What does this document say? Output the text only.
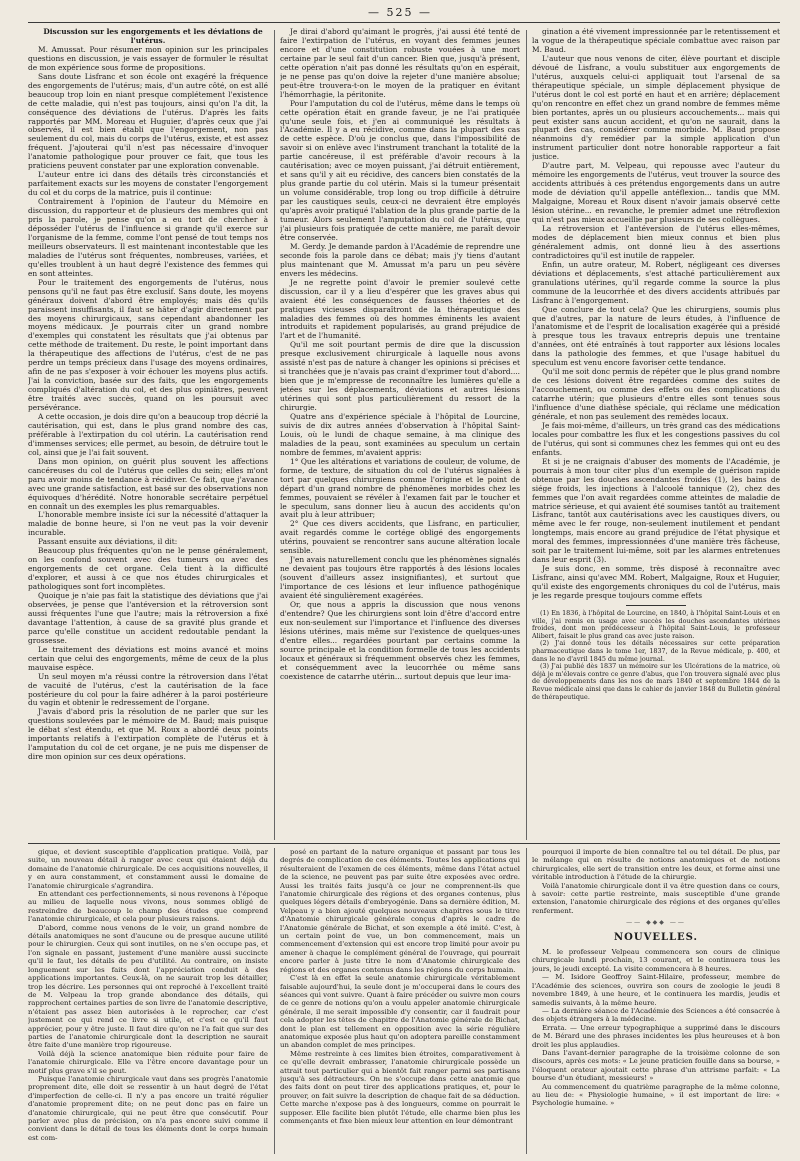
— 525 —

Discussion sur les engorgements et les déviations de l'utérus.

M. Amussat. Pour résumer mon opinion sur les principales questions en discussion, je vais essayer de formuler le résultat de mon expérience sous forme de propositions.

Sans doute Lisfranc et son école ont exagéré la fréquence des engorgements de l'utérus; mais, d'un autre côté, on est allé beaucoup trop loin en niant presque complétement l'existence de cette maladie, qui n'est pas toujours, ainsi qu'on l'a dit, la conséquence des déviations de l'utérus. D'après les faits rapportés par MM. Moreau et Huguier, d'après ceux que j'ai observés, il est bien établi que l'engorgement, non pas seulement du col, mais du corps de l'utérus, existe, et est assez fréquent. J'ajouterai qu'il n'est pas nécessaire d'invoquer l'anatomie pathologique pour prouver ce fait, que tous les praticiens peuvent constater par une exploration convenable.

L'auteur entre ici dans des détails très circonstanciés et parfaitement exacts sur les moyens de constater l'engorgement du col et du corps de la matrice, puis il continue:

Contrairement à l'opinion de l'auteur du Mémoire en discussion, du rapporteur et de plusieurs des membres qui ont pris la parole, je pense qu'on a eu tort de chercher à déposséder l'utérus de l'influence si grande qu'il exerce sur l'organisme de la femme, comme l'ont pensé de tout temps nos meilleurs observateurs. Il est maintenant incontestable que les maladies de l'utérus sont fréquentes, nombreuses, variées, et qu'elles troublent à un haut degré l'existence des femmes qui en sont atteintes.

Pour le traitement des engorgements de l'utérus, nous pensons qu'il ne faut pas être exclusif. Sans doute, les moyens généraux doivent d'abord être employés; mais dès qu'ils paraissent insuffisants, il faut se hâter d'agir directement par des moyens chirurgicaux, sans cependant abandonner les moyens médicaux. Je pourrais citer un grand nombre d'exemples qui constatent les résultats que j'ai obtenus par cette méthode de traitement. Du reste, le point important dans la thérapeutique des affections de l'utérus, c'est de ne pas perdre un temps précieux dans l'usage des moyens ordinaires, afin de ne pas s'exposer à voir échouer les moyens plus actifs. J'ai la conviction, basée sur des faits, que les engorgements compliqués d'altération du col, et des plus opiniâtres, peuvent être traités avec succès, quand on les poursuit avec persévérance.

A cette occasion, je dois dire qu'on a beaucoup trop décrié la cautérisation, qui est, dans le plus grand nombre des cas, préférable à l'extirpation du col utérin. La cautérisation rend d'immenses services; elle permet, au besoin, de détruire tout le col, ainsi que je l'ai fait souvent.

Dans mon opinion, on guérit plus souvent les affections cancéreuses du col de l'utérus que celles du sein; elles m'ont paru avoir moins de tendance à récidiver. Ce fait, que j'avance avec une grande satisfaction, est basé sur des observations non équivoques d'hérédité. Notre honorable secrétaire perpétuel en connaît un des exemples les plus remarquables.

L'honorable membre insiste ici sur la nécessité d'attaquer la maladie de bonne heure, si l'on ne veut pas la voir devenir incurable.

Passant ensuite aux déviations, il dit:

Beaucoup plus fréquentes qu'on ne le pense généralement, on les confond souvent avec des tumeurs ou avec des engorgements de cet organe. Cela tient à la difficulté d'explorer, et aussi à ce que nos études chirurgicales et pathologiques sont fort incomplètes.

Quoique je n'aie pas fait la statistique des déviations que j'ai observées, je pense que l'antéversion et la rétroversion sont aussi fréquentes l'une que l'autre; mais la rétroversion a fixé davantage l'attention, à cause de sa gravité plus grande et parce qu'elle constitue un accident redoutable pendant la grossesse.

Le traitement des déviations est moins avancé et moins certain que celui des engorgements, même de ceux de la plus mauvaise espèce.

Un seul moyen m'a réussi contre la rétroversion dans l'état de vacuité de l'utérus, c'est la cautérisation de la face postérieure du col pour la faire adhérer à la paroi postérieure du vagin et obtenir le redressement de l'organe.

J'avais d'abord pris la résolution de ne parler que sur les questions soulevées par le mémoire de M. Baud; mais puisque le débat s'est étendu, et que M. Roux a abordé deux points importants relatifs à l'extirpation complète de l'utérus et à l'amputation du col de cet organe, je ne puis me dispenser de dire mon opinion sur ces deux opérations.

Je dirai d'abord qu'aimant le progrès, j'ai aussi été tenté de faire l'extirpation de l'utérus, en voyant des femmes jeunes encore et d'une constitution robuste vouées à une mort certaine par le seul fait d'un cancer. Bien que, jusqu'à présent, cette opération n'ait pas donné les résultats qu'on en espérait, je ne pense pas qu'on doive la rejeter d'une manière absolue; peut-être trouvera-t-on le moyen de la pratiquer en évitant l'hémorrhagie, la péritonite.

Pour l'amputation du col de l'utérus, même dans le temps où cette opération était en grande faveur, je ne l'ai pratiquée qu'une seule fois, et j'en ai communiqué les résultats à l'Académie. Il y a eu récidive, comme dans la plupart des cas de cette espèce. D'où je conclus que, dans l'impossibilité de savoir si on enlève avec l'instrument tranchant la totalité de la partie cancéreuse, il est préférable d'avoir recours à la cautérisation; avec ce moyen puissant, j'ai détruit entièrement, et sans qu'il y ait eu récidive, des cancers bien constatés de la plus grande partie du col utérin. Mais si la tumeur présentait un volume considérable, trop long ou trop difficile à détruire par les caustiques seuls, ceux-ci ne devraient être employés qu'après avoir pratiqué l'ablation de la plus grande partie de la tumeur. Alors seulement l'amputation du col de l'utérus, que j'ai plusieurs fois pratiquée de cette manière, me paraît devoir être conservée.

M. Gerdy. Je demande pardon à l'Académie de reprendre une seconde fois la parole dans ce débat; mais j'y tiens d'autant plus maintenant que M. Amussat m'a paru un peu sévère envers les médecins.

Je ne regrette point d'avoir le premier soulevé cette discussion, car il y a lieu d'espérer que les graves abus qui avaient été les conséquences de fausses théories et de pratiques vicieuses disparaîtront de la thérapeutique des maladies des femmes où des hommes éminents les avaient introduits et rapidement popularisés, au grand préjudice de l'art et de l'humanité.

Qu'il me soit pourtant permis de dire que la discussion presque exclusivement chirurgicale à laquelle nous avons assisté n'est pas de nature à changer les opinions si précises et si tranchées que je n'avais pas craint d'exprimer tout d'abord.... bien que je m'empresse de reconnaître les lumières qu'elle a jetées sur les déplacements, déviations et autres lésions utérines qui sont plus particulièrement du ressort de la chirurgie.

Quatre ans d'expérience spéciale à l'hôpital de Lourcine, suivis de dix autres années d'observation à l'hôpital Saint-Louis, où le lundi de chaque semaine, à ma clinique des maladies de la peau, sont examinées au speculum un certain nombre de femmes, m'avaient appris:

1° Que les altérations et variations de couleur, de volume, de forme, de texture, de situation du col de l'utérus signalées à tort par quelques chirurgiens comme l'origine et le point de départ d'un grand nombre de phénomènes morbides chez les femmes, pouvaient se révéler à l'examen fait par le toucher et le speculum, sans donner lieu à aucun des accidents qu'on avait plu à leur attribuer;

2° Que ces divers accidents, que Lisfranc, en particulier, avait regardés comme le cortége obligé des engorgements utérins, pouvaient se rencontrer sans aucune altération locale sensible.

J'en avais naturellement conclu que les phénomènes signalés ne devaient pas toujours être rapportés à des lésions locales (souvent d'ailleurs assez insignifiantes), et surtout que l'importance de ces lésions et leur influence pathogénique avaient été singulièrement exagérées.

Or, que nous a appris la discussion que nous venons d'entendre? Que les chirurgiens sont loin d'être d'accord entre eux non-seulement sur l'importance et l'influence des diverses lésions utérines, mais même sur l'existence de quelques-unes d'entre elles... regardées pourtant par certains comme la source principale et la condition formelle de tous les accidents locaux et généraux si fréquemment observés chez les femmes, et conséquemment avec la leucorrhée ou même sans coexistence de catarrhe utérin... surtout depuis que leur ima-

gination a été vivement impressionnée par le retentissement et la vogue de la thérapeutique spéciale combattue avec raison par M. Baud.

L'auteur que nous venons de citer, élève pourtant et disciple dévoué de Lisfranc, a voulu substituer aux engorgements de l'utérus, auxquels celui-ci appliquait tout l'arsenal de sa thérapeutique spéciale, un simple déplacement physique de l'utérus dont le col est porté en haut et en arrière; déplacement qu'on rencontre en effet chez un grand nombre de femmes même bien portantes, après un ou plusieurs accouchements... mais qui peut exister sans aucun accident, et qu'on ne saurait, dans la plupart des cas, considérer comme morbide. M. Baud propose néanmoins d'y remédier par la simple application d'un instrument particulier dont notre honorable rapporteur a fait justice.

D'autre part, M. Velpeau, qui repousse avec l'auteur du mémoire les engorgements de l'utérus, veut trouver la source des accidents attribués à ces prétendus engorgements dans un autre mode de déviation qu'il appelle antéflexion... tandis que MM. Malgaigne, Moreau et Roux disent n'avoir jamais observé cette lésion utérine... en revanche, le premier admet une rétroflexion qui n'est pas mieux accueillie par plusieurs de ses collègues.

La rétroversion et l'antéversion de l'utérus elles-mêmes, modes de déplacement bien mieux connus et bien plus généralement admis, ont donné lieu à des assertions contradictoires qu'il est inutile de rappeler.

Enfin, un autre orateur, M. Robert, négligeant ces diverses déviations et déplacements, s'est attaché particulièrement aux granulations utérines, qu'il regarde comme la source la plus commune de la leucorrhée et des divers accidents attribués par Lisfranc à l'engorgement.

Que conclure de tout cela? Que les chirurgiens, soumis plus que d'autres, par la nature de leurs études, à l'influence de l'anatomisme et de l'esprit de localisation exagérée qui a présidé à presque tous les travaux entrepris depuis une trentaine d'années, ont été entraînés à tout rapporter aux lésions locales dans la pathologie des femmes, et que l'usage habituel du speculum est venu encore favoriser cette tendance.

Qu'il me soit donc permis de répéter que le plus grand nombre de ces lésions doivent être regardées comme des suites de l'accouchement, ou comme des effets ou des complications du catarrhe utérin; que plusieurs d'entre elles sont tenues sous l'influence d'une diathèse spéciale, qui réclame une médication générale, et non pas seulement des remèdes locaux.

Je fais moi-même, d'ailleurs, un très grand cas des médications locales pour combattre les flux et les congestions passives du col de l'utérus, qui sont si communes chez les femmes qui ont eu des enfants.

Et si je ne craignais d'abuser des moments de l'Académie, je pourrais à mon tour citer plus d'un exemple de guérison rapide obtenue par les douches ascendantes froides (1), les bains de siége froids, les injections à l'alcoolé tannique (2), chez des femmes que l'on avait regardées comme atteintes de maladie de matrice sérieuse, et qui avaient été soumises tantôt au traitement Lisfranc, tantôt aux cautérisations avec les caustiques divers, ou même avec le fer rouge, non-seulement inutilement et pendant longtemps, mais encore au grand préjudice de l'état physique et moral des femmes, impressionnées d'une manière très fâcheuse, soit par le traitement lui-même, soit par les alarmes entretenues dans leur esprit (3).

Je suis donc, en somme, très disposé à reconnaître avec Lisfranc, ainsi qu'avec MM. Robert, Malgaigne, Roux et Huguier, qu'il existe des engorgements chroniques du col de l'utérus, mais je les regarde presque toujours comme effets

(1) En 1836, à l'hôpital de Lourcine, en 1840, à l'hôpital Saint-Louis et en ville, j'ai remis en usage avec succès les douches ascendantes utérines froides, dont mon prédécesseur à l'hôpital Saint-Louis, le professeur Alibert, faisait le plus grand cas avec juste raison.

(2) J'ai donné tous les détails nécessaires sur cette préparation pharmaceutique dans le tome 1er, 1837, de la Revue médicale, p. 400, et dans le no d'avril 1845 du même journal.

(3) J'ai publié dès 1837 un mémoire sur les Ulcérations de la matrice, où déjà je m'élevais contre ce genre d'abus, que l'on trouvera signalé avec plus de développements dans les nos de mars 1840 et septembre 1844 de la Revue médicale ainsi que dans le cahier de janvier 1848 du Bulletin général de thérapeutique.

gique, et devient susceptible d'application pratique. Voilà, par suite, un nouveau détail à ranger avec ceux qui étaient déjà du domaine de l'anatomie chirurgicale. De ces acquisitions nouvelles, il y en aura constamment, et constamment aussi le domaine de l'anatomie chirurgicale s'agrandira.

En attendant ces perfectionnements, si nous revenons à l'époque au milieu de laquelle nous vivons, nous sommes obligé de restreindre de beaucoup le champ des études que comprend l'anatomie chirurgicale, et cela pour plusieurs raisons.

D'abord, comme nous venons de le voir, un grand nombre de détails anatomiques ne sont d'aucune ou de presque aucune utilité pour le chirurgien. Ceux qui sont inutiles, on ne s'en occupe pas, et l'on signale en passant, justement d'une manière aussi succincte qu'il le faut, les détails de peu d'utilité. Au contraire, on insiste longuement sur les faits dont l'appréciation conduit à des applications importantes. Ceux-là, on ne saurait trop les détailler, trop les décrire. Les personnes qui ont reproché à l'excellent traité de M. Velpeau la trop grande abondance des détails, qui rapprochent certaines parties de son livre de l'anatomie descriptive, n'étaient pas assez bien autorisées à le reprocher, car c'est justement ce qui rend ce livre si utile, et c'est ce qu'il faut apprécier, pour y être juste. Il faut dire qu'on ne l'a fait que sur des parties de l'anatomie chirurgicale dont la description ne saurait être faite d'une manière trop rigoureuse.

Voilà déjà la science anatomique bien réduite pour faire de l'anatomie chirurgicale. Elle va l'être encore davantage pour un motif plus grave s'il se peut.

Puisque l'anatomie chirurgicale vaut dans ses progrès l'anatomie proprement dite, elle doit se ressentir à un haut degré de l'état d'imperfection de celle-ci. Il n'y a pas encore un traité régulier d'anatomie proprement dite; on ne peut donc pas en faire un d'anatomie chirurgicale, qui ne peut être que consécutif. Pour parler avec plus de précision, on n'a pas encore suivi comme il convient dans le détail de tous les éléments dont le corps humain est com-

posé en partant de la nature organique et passant par tous les degrés de complication de ces éléments. Toutes les applications qui résulteraient de l'examen de ces éléments, même dans l'état actuel de la science, ne peuvent pas par suite être exposées avec ordre. Aussi les traités faits jusqu'à ce jour ne comprennent-ils que l'anatomie chirurgicale des régions et des organes contenus, plus quelques légers détails d'embryogénie. Dans sa dernière édition, M. Velpeau y a bien ajouté quelques nouveaux chapitres sous le titre d'Anatomie chirurgicale générale conçus d'après le cadre de l'Anatomie générale de Bichat, et son exemple a été imité. C'est, à un certain point de vue, un bon commencement, mais un commencement d'extension qui est encore trop limité pour avoir pu amener à chaque le complément général de l'ouvrage, qui pourrait encore parler à juste titre le nom d'Anatomie chirurgicale des régions et des organes contenus dans les régions du corps humain.

C'est là en effet la seule anatomie chirurgicale véritablement faisable aujourd'hui, la seule dont je m'occuperai dans le cours des séances qui vont suivre. Quant à faire précéder ou suivre mon cours de ce genre de notions qu'on a voulu appeler anatomie chirurgicale générale, il me serait impossible d'y consentir, car il faudrait pour cela adopter les têtes de chapitre de l'Anatomie générale de Bichat, dont le plan est tellement en opposition avec la série régulière anatomique exposée plus haut qu'on adoptera pareille constamment un abandon complet de mes principes.

Même restreinte à ces limites bien étroites, comparativement à ce qu'elle devrait embrasser, l'anatomie chirurgicale possède un attrait tout particulier qui a bientôt fait ranger parmi ses partisans jusqu'à ses détracteurs. On ne s'occupe dans cette anatomie que des faits dont on peut tirer des applications pratiques, et, pour le prouver, on fait suivre la description de chaque fait de sa déduction. Cette marche n'expose pas à des longueurs, comme on pourrait le supposer. Elle facilite bien plutôt l'étude, elle charme bien plus les commençants et fixe bien mieux leur attention en leur démontrant

pourquoi il importe de bien connaître tel ou tel détail. De plus, par le mélange qui en résulte de notions anatomiques et de notions chirurgicales, elle sert de transition entre les deux, et forme ainsi une véritable introduction à l'étude de la chirurgie.

Voilà l'anatomie chirurgicale dont il va être question dans ce cours, à savoir: cette partie restreinte, mais susceptible d'une grande extension, l'anatomie chirurgicale des régions et des organes qu'elles renferment.

—— ◆◆◆ ——
NOUVELLES.

M. le professeur Velpeau commencera son cours de clinique chirurgicale lundi prochain, 13 courant, et le continuera tous les jours, le jeudi excepté. La visite commencera à 8 heures.

— M. Isidore Geoffroy Saint-Hilaire, professeur, membre de l'Académie des sciences, ouvrira son cours de zoologie le jeudi 8 novembre 1849, à une heure, et le continuera les mardis, jeudis et samedis suivants, à la même heure.

— La dernière séance de l'Académie des Sciences a été consacrée à des objets étrangers à la médecine.

Errata. — Une erreur typographique a supprimé dans le discours de M. Bérard une des phrases incidentes les plus heureuses et à bon droit les plus applaudies.

Dans l'avant-dernier paragraphe de la troisième colonne de son discours, après ces mots: « Le jeune praticien fouille dans sa bourse, » l'éloquent orateur ajoutait cette phrase d'un attrisme parfait: « La bourse d'un étudiant, messieurs! »

Au commencement du quatrième paragraphe de la même colonne, au lieu de: « Physiologie humaine, » il est important de lire: « Psychologie humaine. »
